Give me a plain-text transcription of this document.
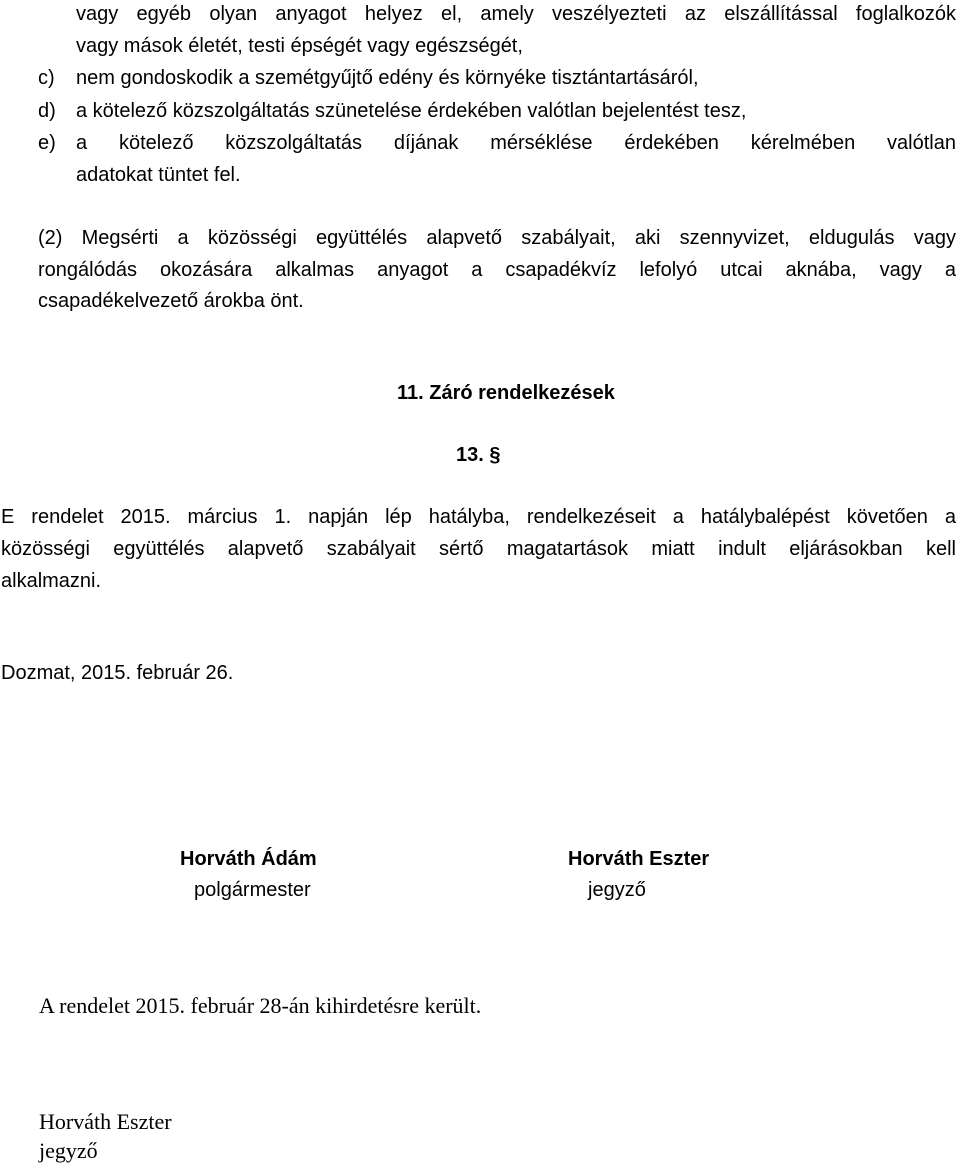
vagy egyéb olyan anyagot helyez el, amely veszélyezteti az elszállítással foglalkozók
vagy mások életét, testi épségét vagy egészségét,
c) nem gondoskodik a szemétgyűjtő edény és környéke tisztántartásáról,
d) a kötelező közszolgáltatás szünetelése érdekében valótlan bejelentést tesz,
e) a kötelező közszolgáltatás díjának mérséklése érdekében kérelmében valótlan
adatokat tüntet fel.
(2) Megsérti a közösségi együttélés alapvető szabályait, aki szennyvizet, eldugulás vagy
rongálódás okozására alkalmas anyagot a csapadékvíz lefolyó utcai aknába, vagy a
csapadékelvezető árokba önt.
11. Záró rendelkezések
13. §
E rendelet 2015. március 1. napján lép hatályba, rendelkezéseit a hatálybalépést követően a
közösségi együttélés alapvető szabályait sértő magatartások miatt indult eljárásokban kell
alkalmazni.
Dozmat, 2015. február 26.
Horváth Ádám
polgármester
Horváth Eszter
jegyző
A rendelet 2015. február 28-án kihirdetésre került.
Horváth Eszter
jegyző
